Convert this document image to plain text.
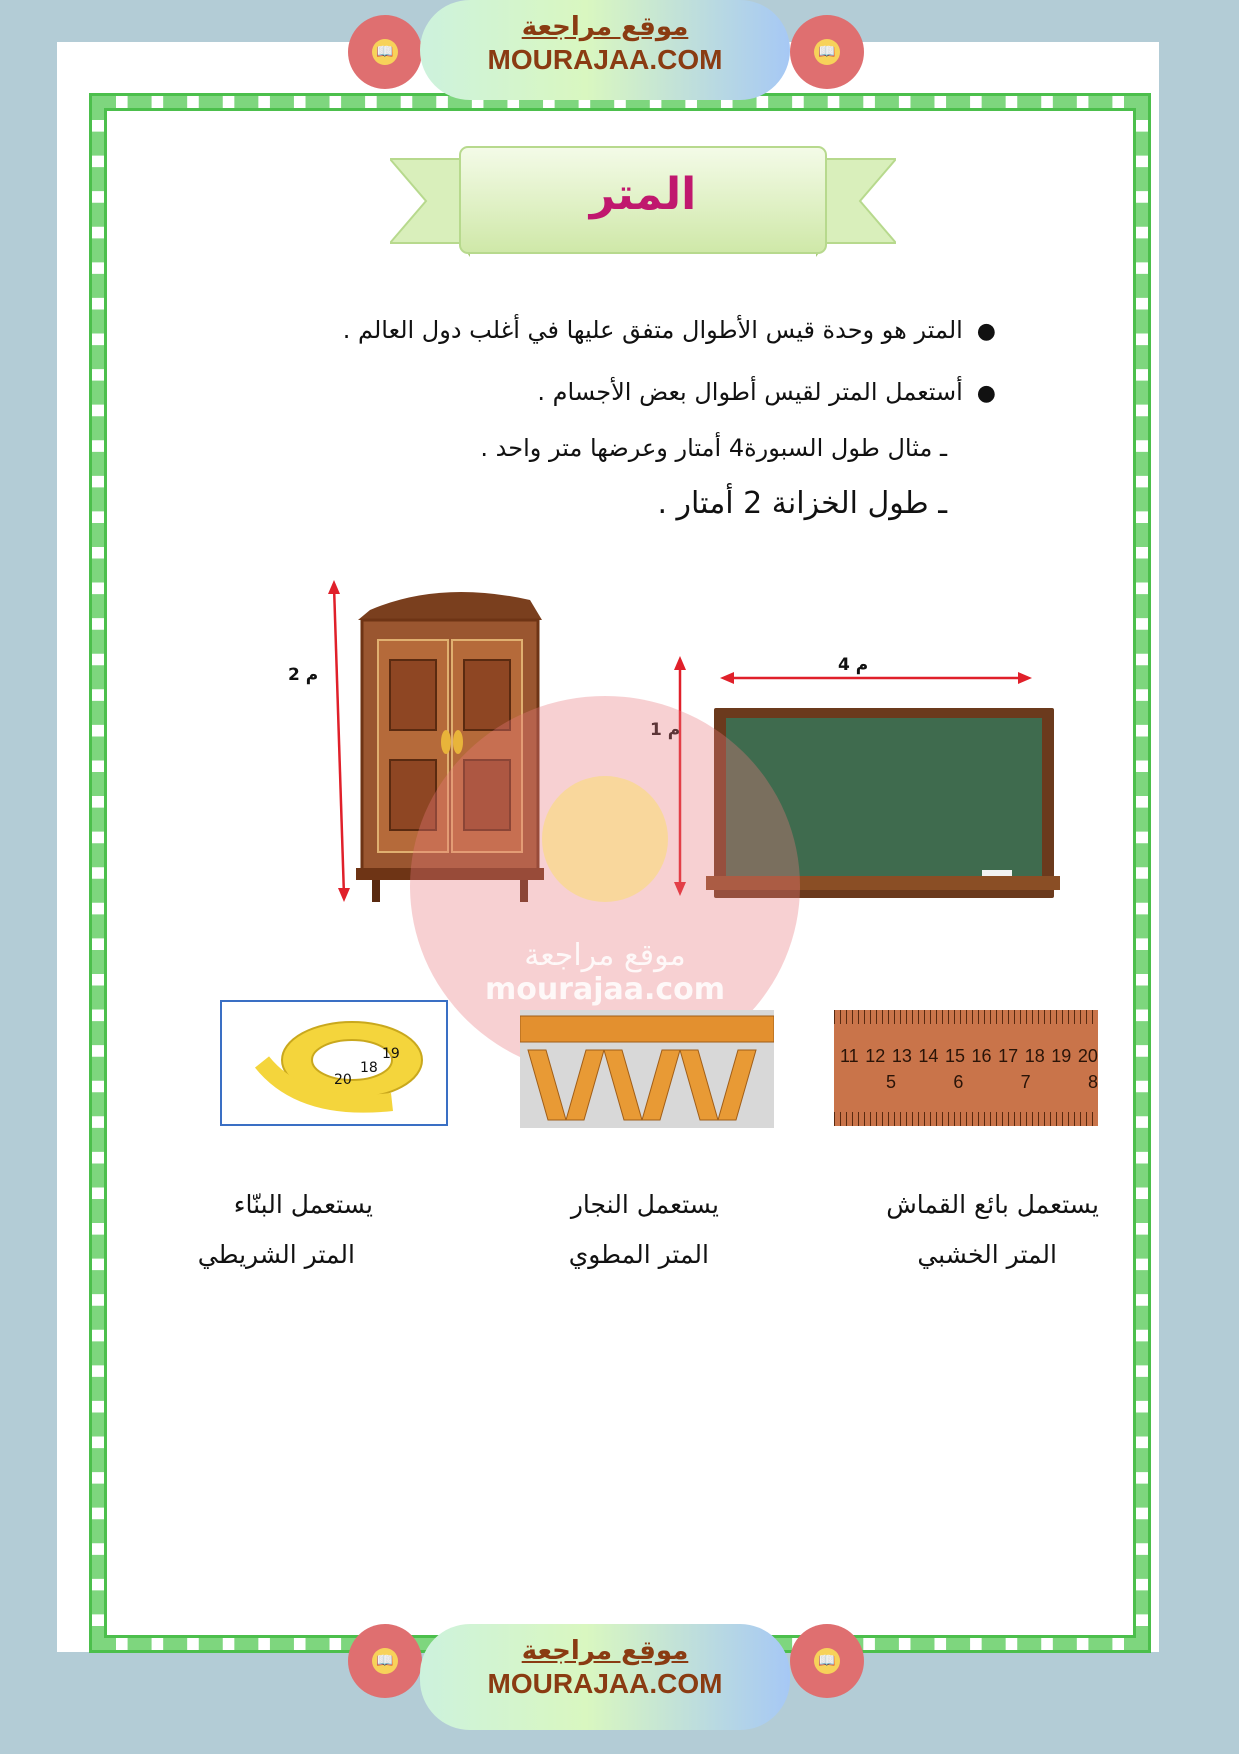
📖
موقع مراجعة
MOURAJAA.COM	📖
المتر
● المتر هو وحدة قيس الأطوال متفق عليها في أغلب دول العالم .
● أستعمل المتر لقيس أطوال بعض الأجسام .
ـ مثال طول السبورة4 أمتار وعرضها متر واحد .
ـ طول الخزانة 2 أمتار .
2 م
1 م
4 م
موقع مراجعة
mourajaa.com
18
19
20
11 12 13 14 15 16 17 18 19 20
5	6	7	8
يستعمل البنّاء
المتر الشريطي
يستعمل النجار
المتر المطوي
يستعمل بائع القماش
المتر الخشبي
📖	موقع مراجعة
MOURAJAA.COM
📖
